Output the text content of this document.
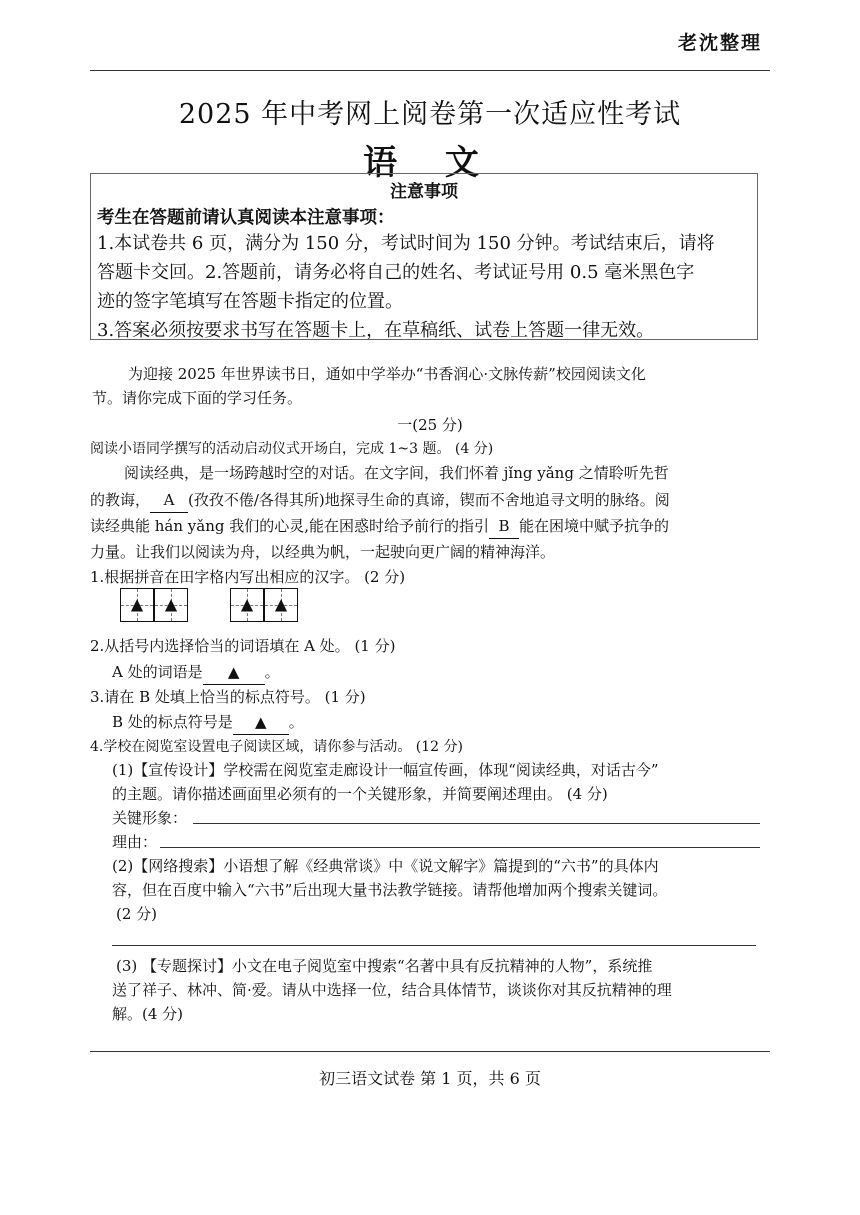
老沈整理
2025 年中考网上阅卷第一次适应性考试
语 文
注意事项
考生在答题前请认真阅读本注意事项：
1.本试卷共 6 页，满分为 150 分，考试时间为 150 分钟。考试结束后，请将
答题卡交回。2.答题前，请务必将自己的姓名、考试证号用 0.5 毫米黑色字
迹的签字笔填写在答题卡指定的位置。
3.答案必须按要求书写在答题卡上，在草稿纸、试卷上答题一律无效。
为迎接 2025 年世界读书日，通如中学举办“书香润心·文脉传薪”校园阅读文化
节。请你完成下面的学习任务。
一(25 分)
阅读小语同学撰写的活动启动仪式开场白，完成 1~3 题。 (4 分)
阅读经典，是一场跨越时空的对话。在文字间，我们怀着 jǐng yǎng 之情聆听先哲
的教诲， A (孜孜不倦/各得其所)地探寻生命的真谛，锲而不舍地追寻文明的脉络。阅
读经典能 hán yǎng 我们的心灵,能在困惑时给予前行的指引 B 能在困境中赋予抗争的
力量。让我们以阅读为舟，以经典为帆，一起驶向更广阔的精神海洋。
1.根据拼音在田字格内写出相应的汉字。 (2 分)
▲	▲	▲	▲
2.从括号内选择恰当的词语填在 A 处。 (1 分)
A 处的词语是 ▲ 。
3.请在 B 处填上恰当的标点符号。 (1 分)
B 处的标点符号是 ▲ 。
4.学校在阅览室设置电子阅读区域，请你参与活动。 (12 分)
(1)【宣传设计】学校需在阅览室走廊设计一幅宣传画，体现“阅读经典，对话古今”
的主题。请你描述画面里必须有的一个关键形象，并简要阐述理由。 (4 分)
关键形象：
理由：
(2)【网络搜索】小语想了解《经典常谈》中《说文解字》篇提到的“六书”的具体内
容，但在百度中输入“六书”后出现大量书法教学链接。请帮他增加两个搜索关键词。
(2 分)
(3) 【专题探讨】小文在电子阅览室中搜索“名著中具有反抗精神的人物”，系统推
送了祥子、林冲、简·爱。请从中选择一位，结合具体情节，谈谈你对其反抗精神的理
解。(4 分)
初三语文试卷 第 1 页，共 6 页
